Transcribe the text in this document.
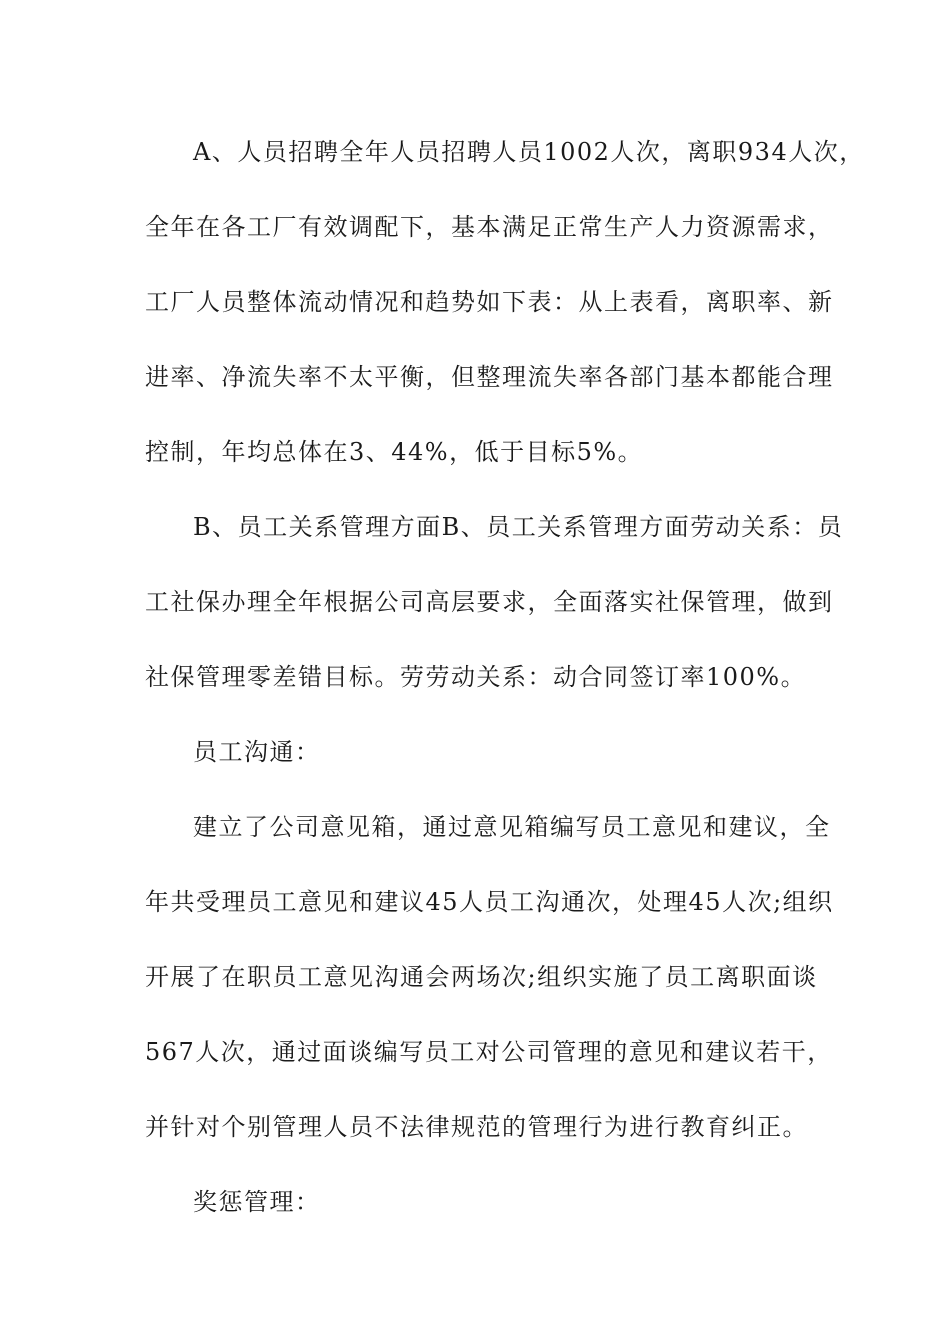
A、人员招聘全年人员招聘人员1002人次，离职934人次，
全年在各工厂有效调配下，基本满足正常生产人力资源需求，
工厂人员整体流动情况和趋势如下表：从上表看，离职率、新
进率、净流失率不太平衡，但整理流失率各部门基本都能合理
控制，年均总体在3、44%，低于目标5%。
B、员工关系管理方面B、员工关系管理方面劳动关系：员
工社保办理全年根据公司高层要求，全面落实社保管理，做到
社保管理零差错目标。劳劳动关系：动合同签订率100%。
员工沟通：
建立了公司意见箱，通过意见箱编写员工意见和建议，全
年共受理员工意见和建议45人员工沟通次，处理45人次;组织
开展了在职员工意见沟通会两场次;组织实施了员工离职面谈
567人次，通过面谈编写员工对公司管理的意见和建议若干，
并针对个别管理人员不法律规范的管理行为进行教育纠正。
奖惩管理：
